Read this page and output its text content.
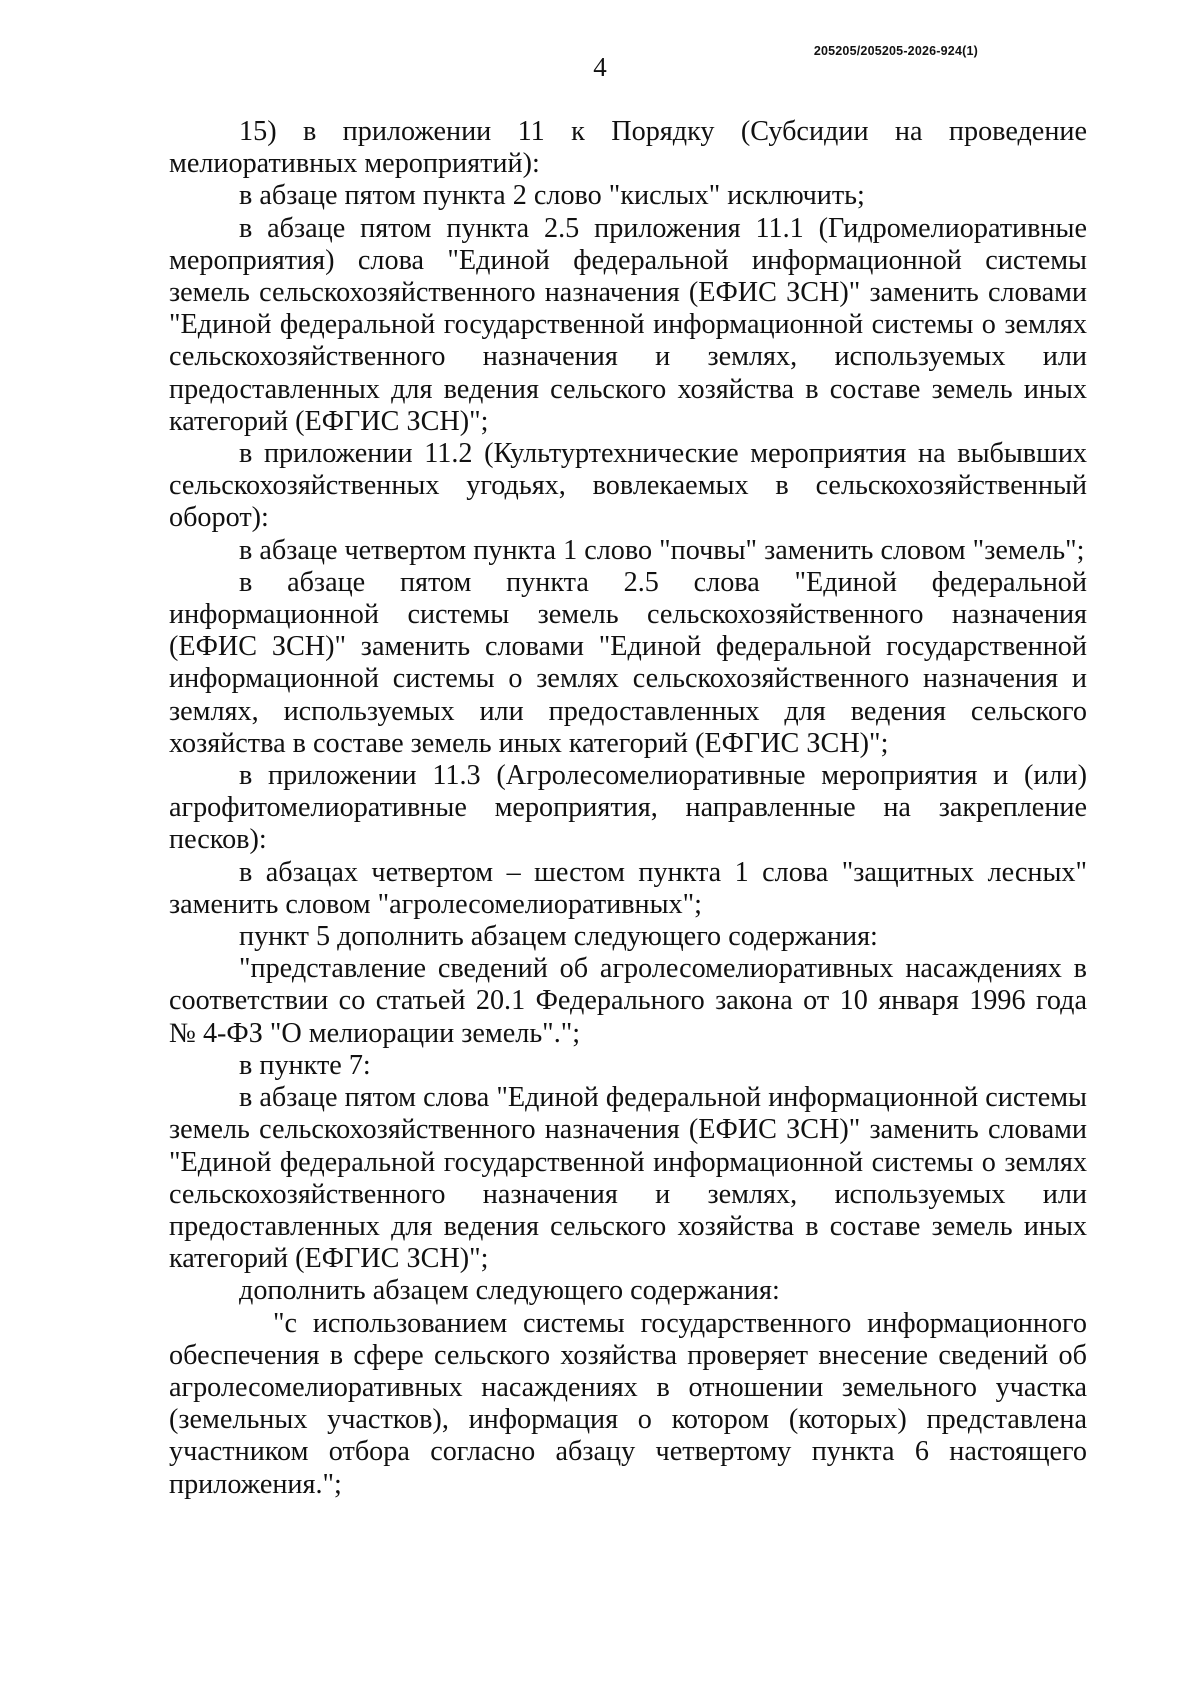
4
205205/205205-2026-924(1)

15) в приложении 11 к Порядку (Субсидии на проведение мелиоративных мероприятий):

в абзаце пятом пункта 2 слово "кислых" исключить;

в абзаце пятом пункта 2.5 приложения 11.1 (Гидромелиоративные мероприятия) слова "Единой федеральной информационной системы земель сельскохозяйственного назначения (ЕФИС ЗСН)" заменить словами "Единой федеральной государственной информационной системы о землях сельскохозяйственного назначения и землях, используемых или предоставленных для ведения сельского хозяйства в составе земель иных категорий (ЕФГИС ЗСН)";

в приложении 11.2 (Культуртехнические мероприятия на выбывших сельскохозяйственных угодьях, вовлекаемых в сельскохозяйственный оборот):

в абзаце четвертом пункта 1 слово "почвы" заменить словом "земель";

в абзаце пятом пункта 2.5 слова "Единой федеральной информационной системы земель сельскохозяйственного назначения (ЕФИС ЗСН)" заменить словами "Единой федеральной государственной информационной системы о землях сельскохозяйственного назначения и землях, используемых или предоставленных для ведения сельского хозяйства в составе земель иных категорий (ЕФГИС ЗСН)";

в приложении 11.3 (Агролесомелиоративные мероприятия и (или) агрофитомелиоративные мероприятия, направленные на закрепление песков):

в абзацах четвертом – шестом пункта 1 слова "защитных лесных" заменить словом "агролесомелиоративных";

пункт 5 дополнить абзацем следующего содержания:

"представление сведений об агролесомелиоративных насаждениях в соответствии со статьей 20.1 Федерального закона от 10 января 1996 года № 4-ФЗ "О мелиорации земель".";

в пункте 7:

в абзаце пятом слова "Единой федеральной информационной системы земель сельскохозяйственного назначения (ЕФИС ЗСН)" заменить словами "Единой федеральной государственной информационной системы о землях сельскохозяйственного назначения и землях, используемых или предоставленных для ведения сельского хозяйства в составе земель иных категорий (ЕФГИС ЗСН)";

дополнить абзацем следующего содержания:

"с использованием системы государственного информационного обеспечения в сфере сельского хозяйства проверяет внесение сведений об агролесомелиоративных насаждениях в отношении земельного участка (земельных участков), информация о котором (которых) представлена участником отбора согласно абзацу четвертому пункта 6 настоящего приложения.";
